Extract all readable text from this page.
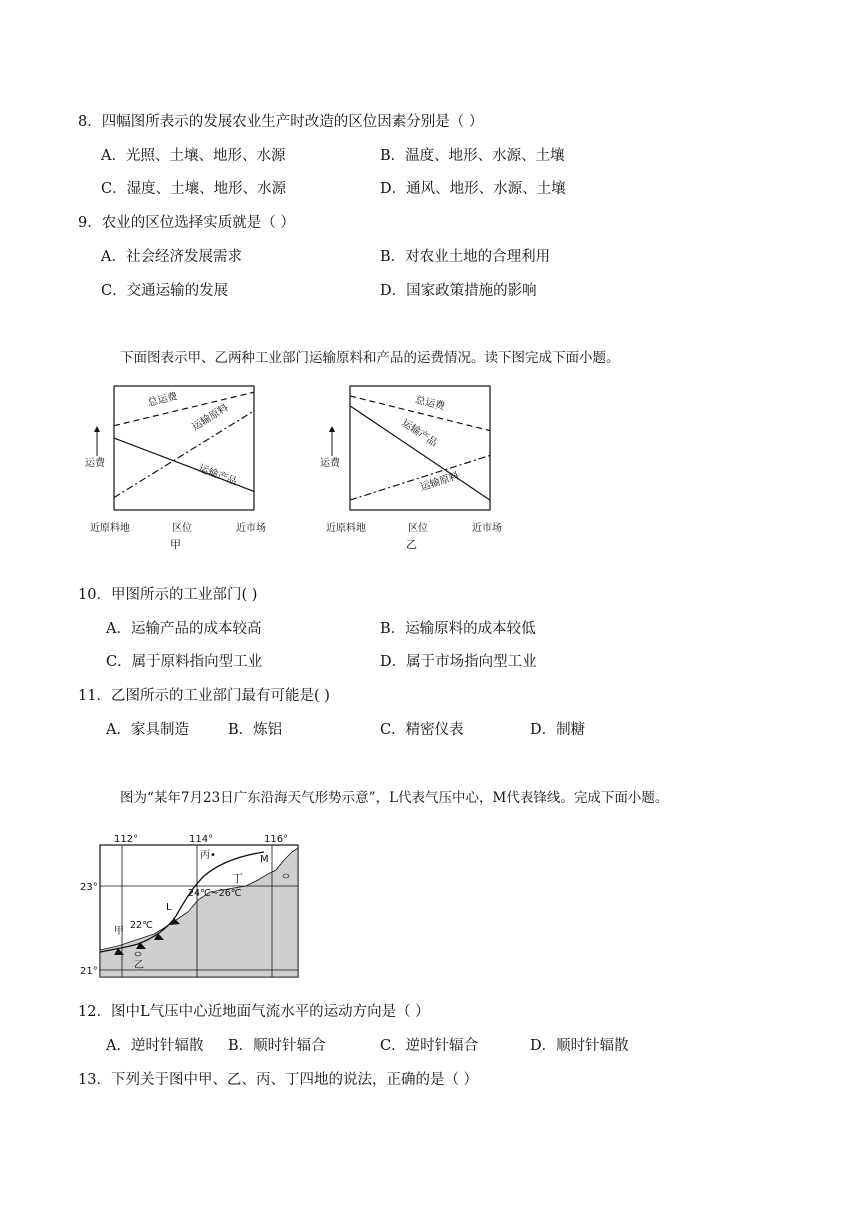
8．四幅图所表示的发展农业生产时改造的区位因素分别是（ ）
A．光照、土壤、地形、水源	B．温度、地形、水源、土壤
C．湿度、土壤、地形、水源	D．通风、地形、水源、土壤
9．农业的区位选择实质就是（ ）
A．社会经济发展需求	B．对农业土地的合理利用
C．交通运输的发展	D．国家政策措施的影响
下面图表示甲、乙两种工业部门运输原料和产品的运费情况。读下图完成下面小题。
运费
近原料地	区位	近市场
甲
总运费
运输原料
运输产品	运费
近原料地	区位	近市场
乙
总运费
运输产品
运输原料
10．甲图所示的工业部门( )
A．运输产品的成本较高	B．运输原料的成本较低
C．属于原料指向型工业	D．属于市场指向型工业
11．乙图所示的工业部门最有可能是( )
A．家具制造	B．炼铝	C．精密仪表	D．制糖
图为“某年7月23日广东沿海天气形势示意”，L代表气压中心，M代表锋线。完成下面小题。
112°	114°	116°
23°
21°
丙•	M
丁
24℃~26℃
L
22℃
甲
乙
12．图中L气压中心近地面气流水平的运动方向是（ ）
A．逆时针辐散 B．顺时针辐合	C．逆时针辐合	D．顺时针辐散
13．下列关于图中甲、乙、丙、丁四地的说法，正确的是（ ）
